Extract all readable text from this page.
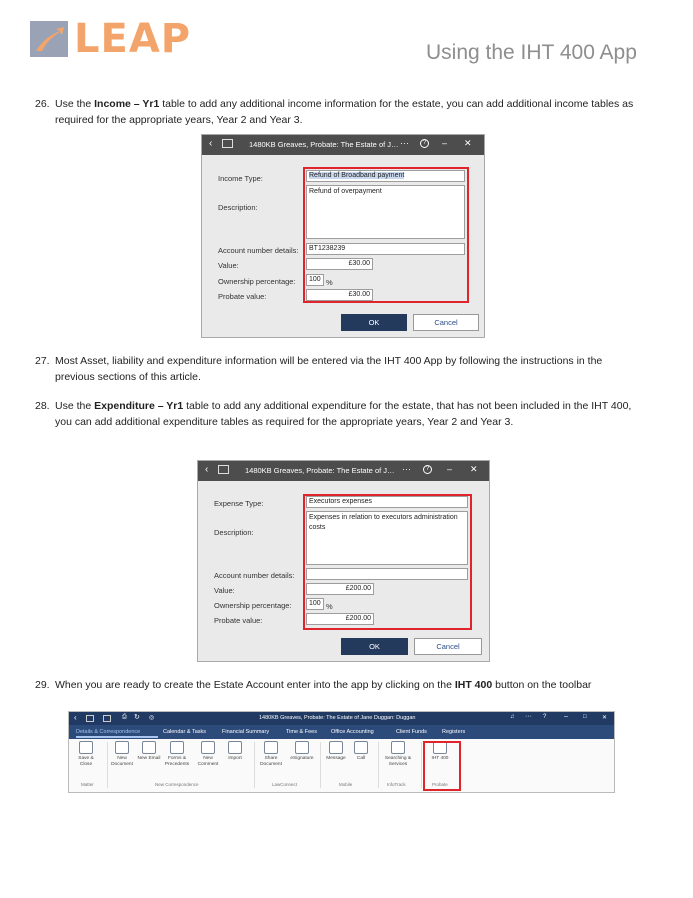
LEAP	Using the IHT 400 App
26. Use the Income – Yr1 table to add any additional income information for the estate, you can add additional income tables as required for the appropriate years, Year 2 and Year 3.
‹	1480KB Greaves, Probate: The Estate of J… ···	?	– ✕
Income Type:	Refund of Broadband payment
Description:
Refund of overpayment
Account number details:	BT1238239
Value:	£30.00
Ownership percentage:	100 %
Probate value:	£30.00
OK	Cancel
27. Most Asset, liability and expenditure information will be entered via the IHT 400 App by following the instructions in the previous sections of this article.
28. Use the Expenditure – Yr1 table to add any additional expenditure for the estate, that has not been included in the IHT 400, you can add additional expenditure tables as required for the appropriate years, Year 2 and Year 3.
‹	1480KB Greaves, Probate: The Estate of J… ···	?	– ✕
Expense Type:	Executors expenses
Description:
Expenses in relation to executors administration costs
Account number details:
Value:	£200.00
Ownership percentage:	100 %
Probate value:	£200.00
OK	Cancel
29. When you are ready to create the Estate Account enter into the app by clicking on the IHT 400 button on the toolbar
‹	⎙ ↻ ◎	1480KB Greaves, Probate: The Estate of Jane Duggan: Duggan	♫ ··· ?	–	□	✕
Details & Correspondence	Calendar & Tasks	Financial Summary	Time & Fees	Office Accounting	Client Funds	Registers
Save & Close
New Document
New Email	Forms & Precedents
New Comment
Import	Share Document
eSignature	Message	Call	Searching & Services
IHT 400
Matter	New Correspondence	LawConnect	Mobile	InfoTrack	Probate
